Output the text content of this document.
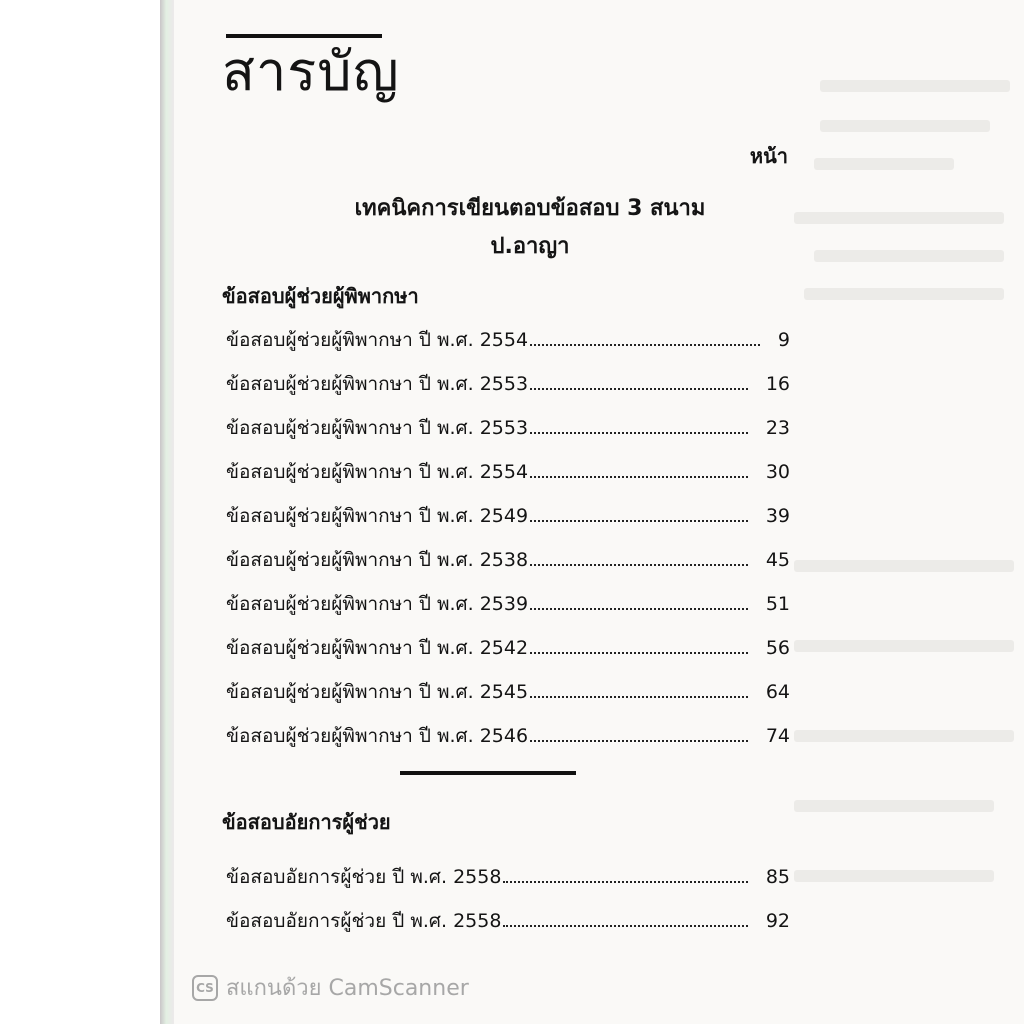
สารบัญ
หน้า
เทคนิคการเขียนตอบข้อสอบ 3 สนาม
ป.อาญา
ข้อสอบผู้ช่วยผู้พิพากษา
ข้อสอบผู้ช่วยผู้พิพากษา ปี พ.ศ. 2554	9
ข้อสอบผู้ช่วยผู้พิพากษา ปี พ.ศ. 2553	16
ข้อสอบผู้ช่วยผู้พิพากษา ปี พ.ศ. 2553	23
ข้อสอบผู้ช่วยผู้พิพากษา ปี พ.ศ. 2554	30
ข้อสอบผู้ช่วยผู้พิพากษา ปี พ.ศ. 2549	39
ข้อสอบผู้ช่วยผู้พิพากษา ปี พ.ศ. 2538	45
ข้อสอบผู้ช่วยผู้พิพากษา ปี พ.ศ. 2539	51
ข้อสอบผู้ช่วยผู้พิพากษา ปี พ.ศ. 2542	56
ข้อสอบผู้ช่วยผู้พิพากษา ปี พ.ศ. 2545	64
ข้อสอบผู้ช่วยผู้พิพากษา ปี พ.ศ. 2546	74
ข้อสอบอัยการผู้ช่วย
ข้อสอบอัยการผู้ช่วย ปี พ.ศ. 2558	85
ข้อสอบอัยการผู้ช่วย ปี พ.ศ. 2558	92
CS สแกนด้วย CamScanner
